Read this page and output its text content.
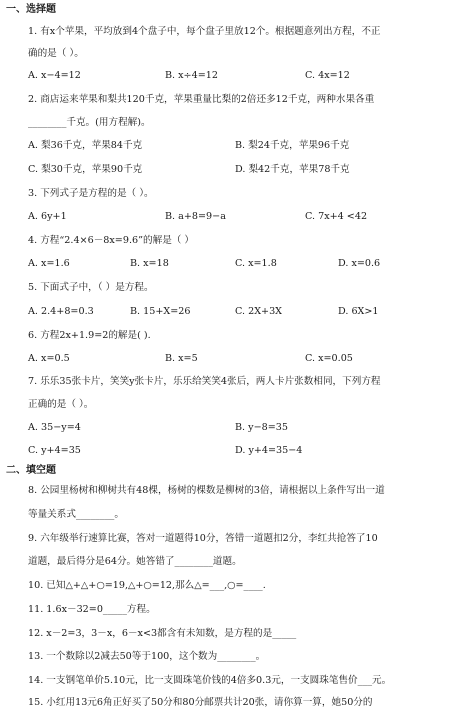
一、选择题
1. 有x个苹果，平均放到4个盘子中，每个盘子里放12个。根据题意列出方程，不正
确的是（ ）。
A. x−4=12	B. x÷4=12	C. 4x=12
2. 商店运来苹果和梨共120千克，苹果重量比梨的2倍还多12千克，两种水果各重
________千克。(用方程解)。
A. 梨36千克，苹果84千克	B. 梨24千克，苹果96千克
C. 梨30千克，苹果90千克	D. 梨42千克，苹果78千克
3. 下列式子是方程的是（ ）。
A. 6y+1	B. a+8=9−a	C. 7x+4 <42
4. 方程“2.4×6－8x=9.6”的解是（ ）
A. x=1.6	B. x=18	C. x=1.8	D. x=0.6
5. 下面式子中，（ ）是方程。
A. 2.4+8=0.3	B. 15+X=26	C. 2X+3X	D. 6X>1
6. 方程2x+1.9=2的解是( ).
A. x=0.5	B. x=5	C. x=0.05
7. 乐乐35张卡片，笑笑y张卡片，乐乐给笑笑4张后，两人卡片张数相同，下列方程
正确的是（ ）。
A. 35−y=4	B. y−8=35
C. y+4=35	D. y+4=35−4
二、填空题
8. 公园里杨树和柳树共有48棵，杨树的棵数是柳树的3倍，请根据以上条件写出一道
等量关系式________。
9. 六年级举行速算比赛，答对一道题得10分，答错一道题扣2分，李红共抢答了10
道题，最后得分是64分。她答错了________道题。
10. 已知△+△+○=19,△+○=12,那么△=___,○=____.
11. 1.6x－32=0_____方程。
12. x－2=3，3－x，6－x<3都含有未知数，是方程的是_____
13. 一个数除以2减去50等于100，这个数为________。
14. 一支钢笔单价5.10元，比一支圆珠笔价钱的4倍多0.3元，一支圆珠笔售价___元。
15. 小红用13元6角正好买了50分和80分邮票共计20张，请你算一算，她50分的
